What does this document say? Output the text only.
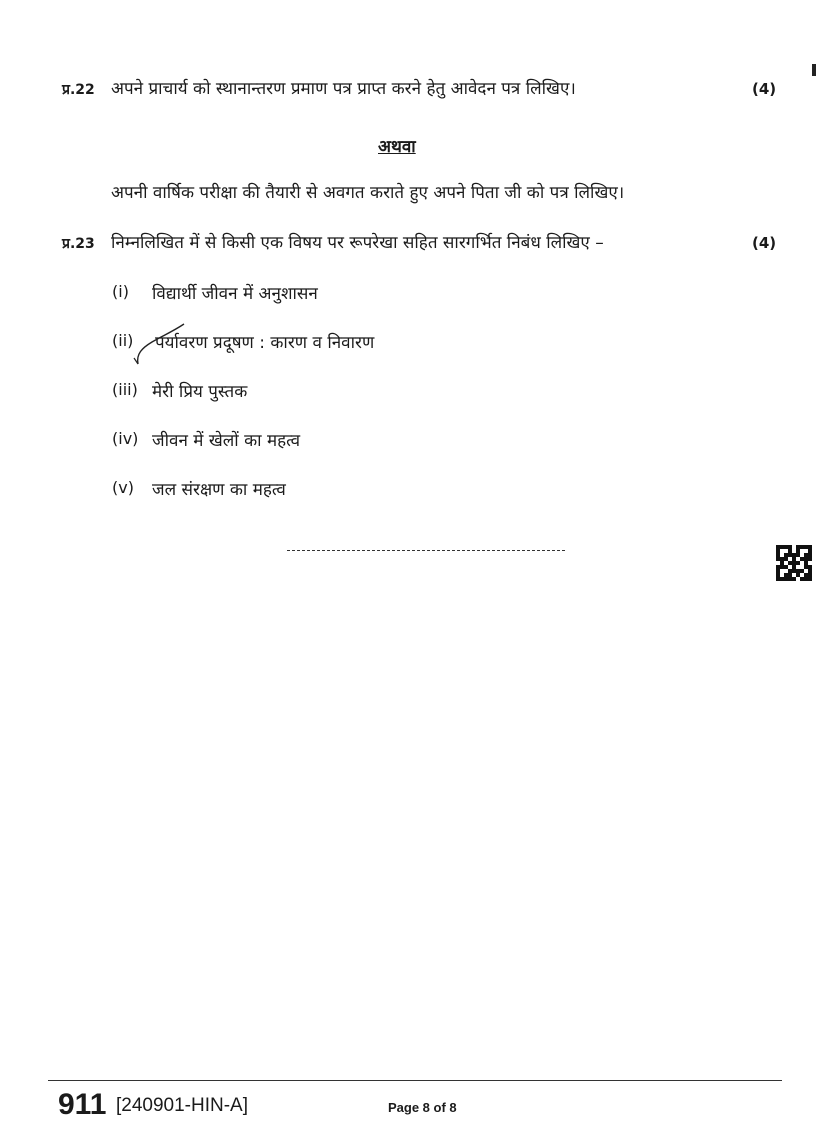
प्र.22 अपने प्राचार्य को स्थानान्तरण प्रमाण पत्र प्राप्त करने हेतु आवेदन पत्र लिखिए।	(4)
अथवा
अपनी वार्षिक परीक्षा की तैयारी से अवगत कराते हुए अपने पिता जी को पत्र लिखिए।
प्र.23 निम्नलिखित में से किसी एक विषय पर रूपरेखा सहित सारगर्भित निबंध लिखिए –	(4)
(i) विद्यार्थी जीवन में अनुशासन
(ii) पर्यावरण प्रदूषण : कारण व निवारण
(iii) मेरी प्रिय पुस्तक
(iv) जीवन में खेलों का महत्व
(v) जल संरक्षण का महत्व
911 [240901-HIN-A]	Page 8 of 8
